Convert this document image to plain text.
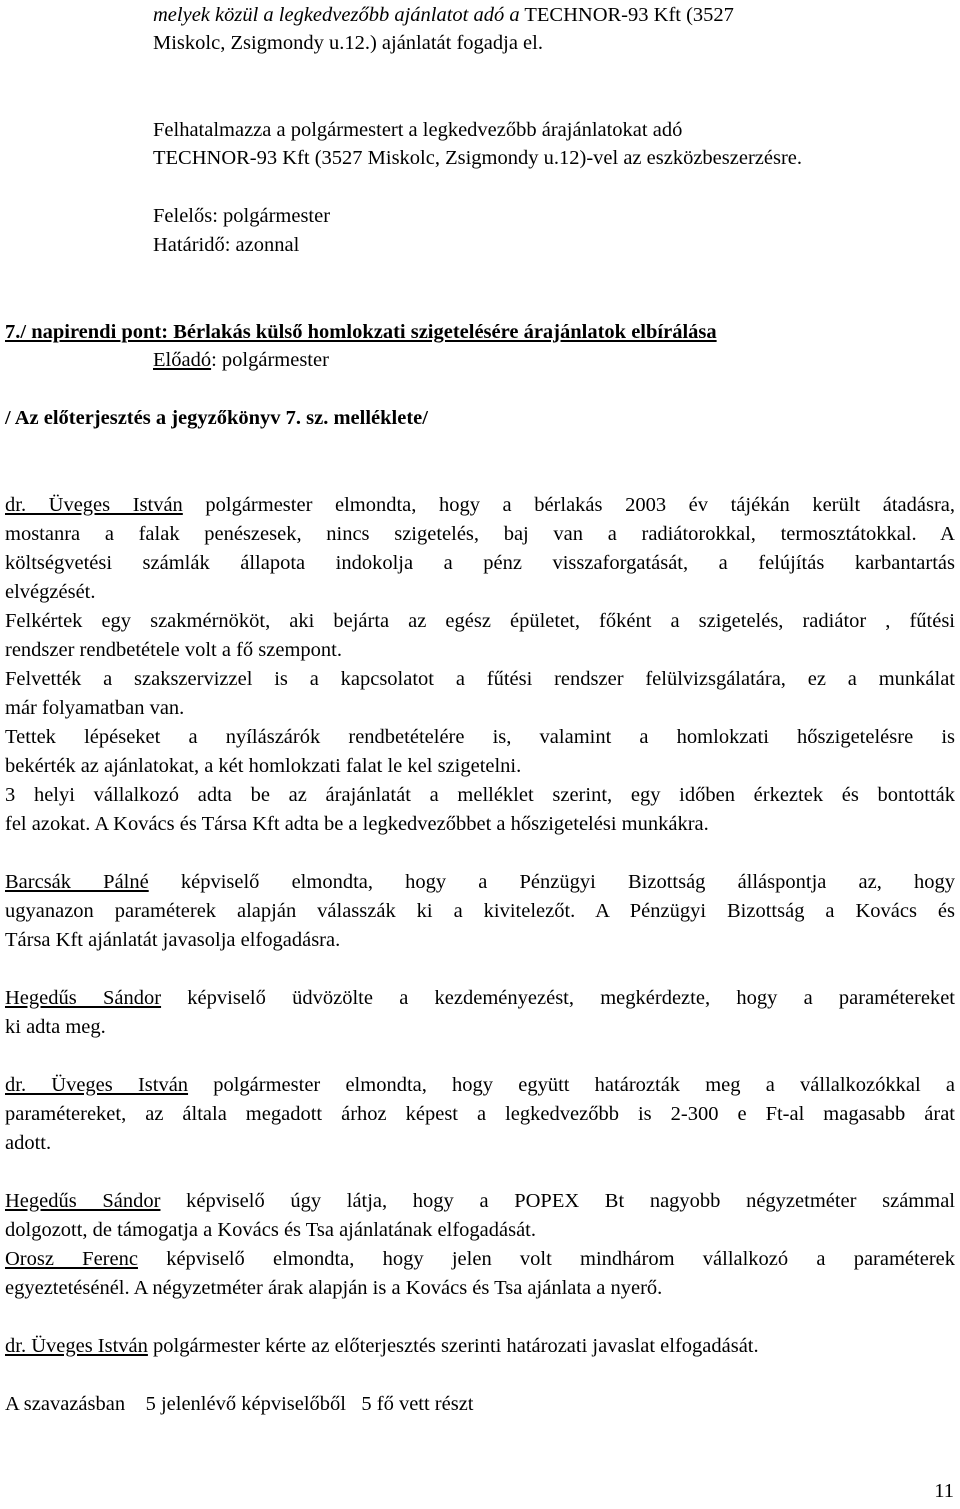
melyek közül a legkedvezőbb ajánlatot adó a TECHNOR-93 Kft (3527
Miskolc, Zsigmondy u.12.) ajánlatát fogadja el.
Felhatalmazza a polgármestert a legkedvezőbb árajánlatokat adó
TECHNOR-93 Kft (3527 Miskolc, Zsigmondy u.12)-vel az eszközbeszerzésre.
Felelős: polgármester
Határidő: azonnal
7./ napirendi pont: Bérlakás külső homlokzati szigetelésére árajánlatok elbírálása
Előadó: polgármester
/ Az előterjesztés a jegyzőkönyv 7. sz. melléklete/
dr. Üveges István polgármester elmondta, hogy a bérlakás 2003 év tájékán került átadásra,
mostanra a falak penészesek, nincs szigetelés, baj van a radiátorokkal, termosztátokkal. A
költségvetési számlák állapota indokolja a pénz visszaforgatását, a felújítás karbantartás
elvégzését.
Felkértek egy szakmérnököt, aki bejárta az egész épületet, főként a szigetelés, radiátor , fűtési
rendszer rendbetétele volt a fő szempont.
Felvették a szakszervizzel is a kapcsolatot a fűtési rendszer felülvizsgálatára, ez a munkálat
már folyamatban van.
Tettek lépéseket a nyílászárók rendbetételére is, valamint a homlokzati hőszigetelésre is
bekérték az ajánlatokat, a két homlokzati falat le kel szigetelni.
3 helyi vállalkozó adta be az árajánlatát a melléklet szerint, egy időben érkeztek és bontották
fel azokat. A Kovács és Társa Kft adta be a legkedvezőbbet a hőszigetelési munkákra.
Barcsák Pálné képviselő elmondta, hogy a Pénzügyi Bizottság álláspontja az, hogy
ugyanazon paraméterek alapján válasszák ki a kivitelezőt. A Pénzügyi Bizottság a Kovács és
Társa Kft ajánlatát javasolja elfogadásra.
Hegedűs Sándor képviselő üdvözölte a kezdeményezést, megkérdezte, hogy a paramétereket
ki adta meg.
dr. Üveges István polgármester elmondta, hogy együtt határozták meg a vállalkozókkal a
paramétereket, az általa megadott árhoz képest a legkedvezőbb is 2-300 e Ft-al magasabb árat
adott.
Hegedűs Sándor képviselő úgy látja, hogy a POPEX Bt nagyobb négyzetméter számmal
dolgozott, de támogatja a Kovács és Tsa ajánlatának elfogadását.
Orosz Ferenc képviselő elmondta, hogy jelen volt mindhárom vállalkozó a paraméterek
egyeztetésénél. A négyzetméter árak alapján is a Kovács és Tsa ajánlata a nyerő.
dr. Üveges István polgármester kérte az előterjesztés szerinti határozati javaslat elfogadását.
A szavazásban    5 jelenlévő képviselőből   5 fő vett részt
11
